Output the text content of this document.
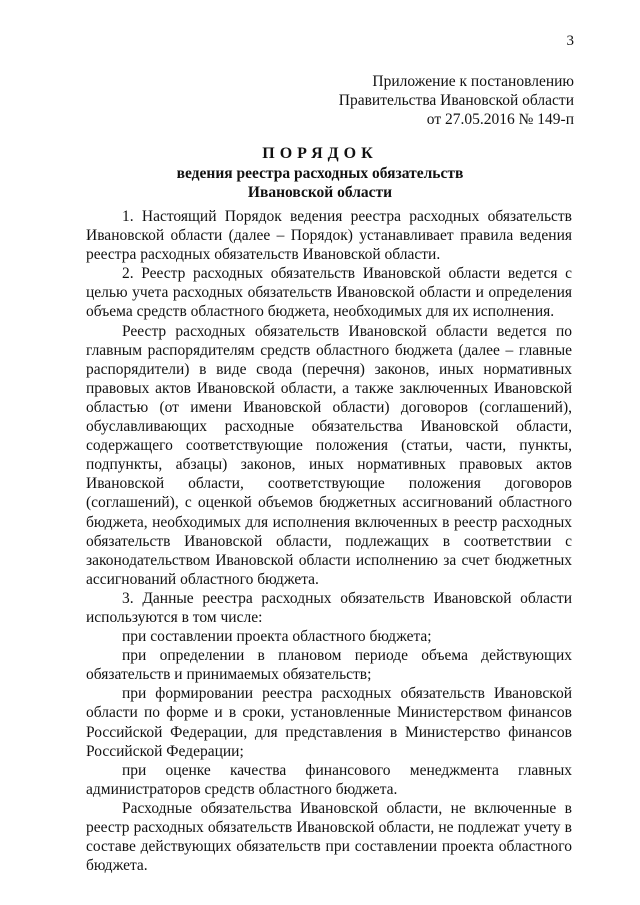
3
Приложение к постановлению
Правительства Ивановской области
от 27.05.2016 № 149-п
ПОРЯДОК
ведения реестра расходных обязательств
Ивановской области

1. Настоящий Порядок ведения реестра расходных обязательств Ивановской области (далее – Порядок) устанавливает правила ведения реестра расходных обязательств Ивановской области.

2. Реестр расходных обязательств Ивановской области ведется с целью учета расходных обязательств Ивановской области и определения объема средств областного бюджета, необходимых для их исполнения.

Реестр расходных обязательств Ивановской области ведется по главным распорядителям средств областного бюджета (далее – главные распорядители) в виде свода (перечня) законов, иных нормативных правовых актов Ивановской области, а также заключенных Ивановской областью (от имени Ивановской области) договоров (соглашений), обуславливающих расходные обязательства Ивановской области, содержащего соответствующие положения (статьи, части, пункты, подпункты, абзацы) законов, иных нормативных правовых актов Ивановской области, соответствующие положения договоров (соглашений), с оценкой объемов бюджетных ассигнований областного бюджета, необходимых для исполнения включенных в реестр расходных обязательств Ивановской области, подлежащих в соответствии с законодательством Ивановской области исполнению за счет бюджетных ассигнований областного бюджета.

3. Данные реестра расходных обязательств Ивановской области используются в том числе:

при составлении проекта областного бюджета;

при определении в плановом периоде объема действующих обязательств и принимаемых обязательств;

при формировании реестра расходных обязательств Ивановской области по форме и в сроки, установленные Министерством финансов Российской Федерации, для представления в Министерство финансов Российской Федерации;

при оценке качества финансового менеджмента главных администраторов средств областного бюджета.

Расходные обязательства Ивановской области, не включенные в реестр расходных обязательств Ивановской области, не подлежат учету в составе действующих обязательств при составлении проекта областного бюджета.
